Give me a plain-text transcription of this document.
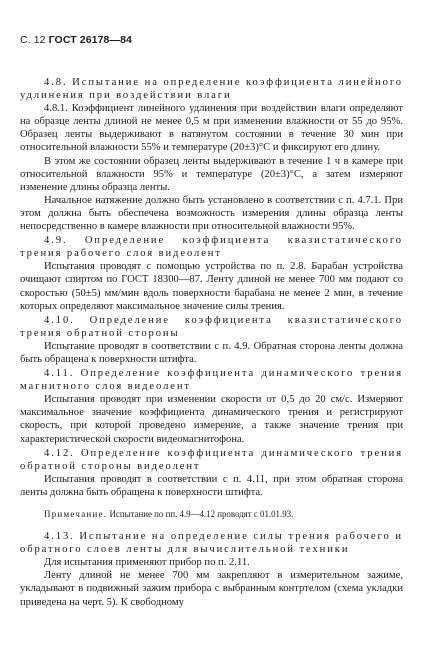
С. 12 ГОСТ 26178—84

4.8. Испытание на определение коэффициента линейного удлинения при воздействии влаги

4.8.1. Коэффициент линейного удлинения при воздействии влаги определяют на образце ленты длиной не менее 0,5 м при изменении влажности от 55 до 95%. Образец ленты выдерживают в натянутом состоянии в течение 30 мин при относительной влажности 55% и температуре (20±3)°С и фиксируют его длину.

В этом же состоянии образец ленты выдерживают в течение 1 ч в камере при относительной влажности 95% и температуре (20±3)°С, а затем измеряют изменение длины образца ленты.

Начальное натяжение должно быть установлено в соответствии с п. 4.7.1. При этом должна быть обеспечена возможность измерения длины образца ленты непосредственно в камере влажности при относительной влажности 95%.

4.9. Определение коэффициента квазистатического трения рабочего слоя видеолент

Испытания проводят с помощью устройства по п. 2.8. Барабан устройства очищают спиртом по ГОСТ 18300—87. Ленту длиной не менее 700 мм подают со скоростью (50±5) мм/мин вдоль поверхности барабана не менее 2 мин, в течение которых определяют максимальное значение силы трения.

4.10. Определение коэффициента квазистатического трения обратной стороны

Испытание проводят в соответствии с п. 4.9. Обратная сторона ленты должна быть обращена к поверхности штифта.

4.11. Определение коэффициента динамического трения магнитного слоя видеолент

Испытания проводят при изменении скорости от 0,5 до 20 см/с. Измеряют максимальное значение коэффициента динамического трения и регистрируют скорость, при которой проведено измерение, а также значение трения при характеристической скорости видеомагнитофона.

4.12. Определение коэффициента динамического трения обратной стороны видеолент

Испытания проводят в соответствии с п. 4.11, при этом обратная сторона ленты должна быть обращена к поверхности штифта.

Примечание. Испытание по пп. 4.9—4.12 проводят с 01.01.93.

4.13. Испытание на определение силы трения рабочего и обратного слоев ленты для вычислительной техники

Для испытания применяют прибор по п. 2.11.

Ленту длиной не менее 700 мм закрепляют в измерительном зажиме, укладывают в подвижный зажим прибора с выбранным контртелом (схема укладки приведена на черт. 5). К свободному
